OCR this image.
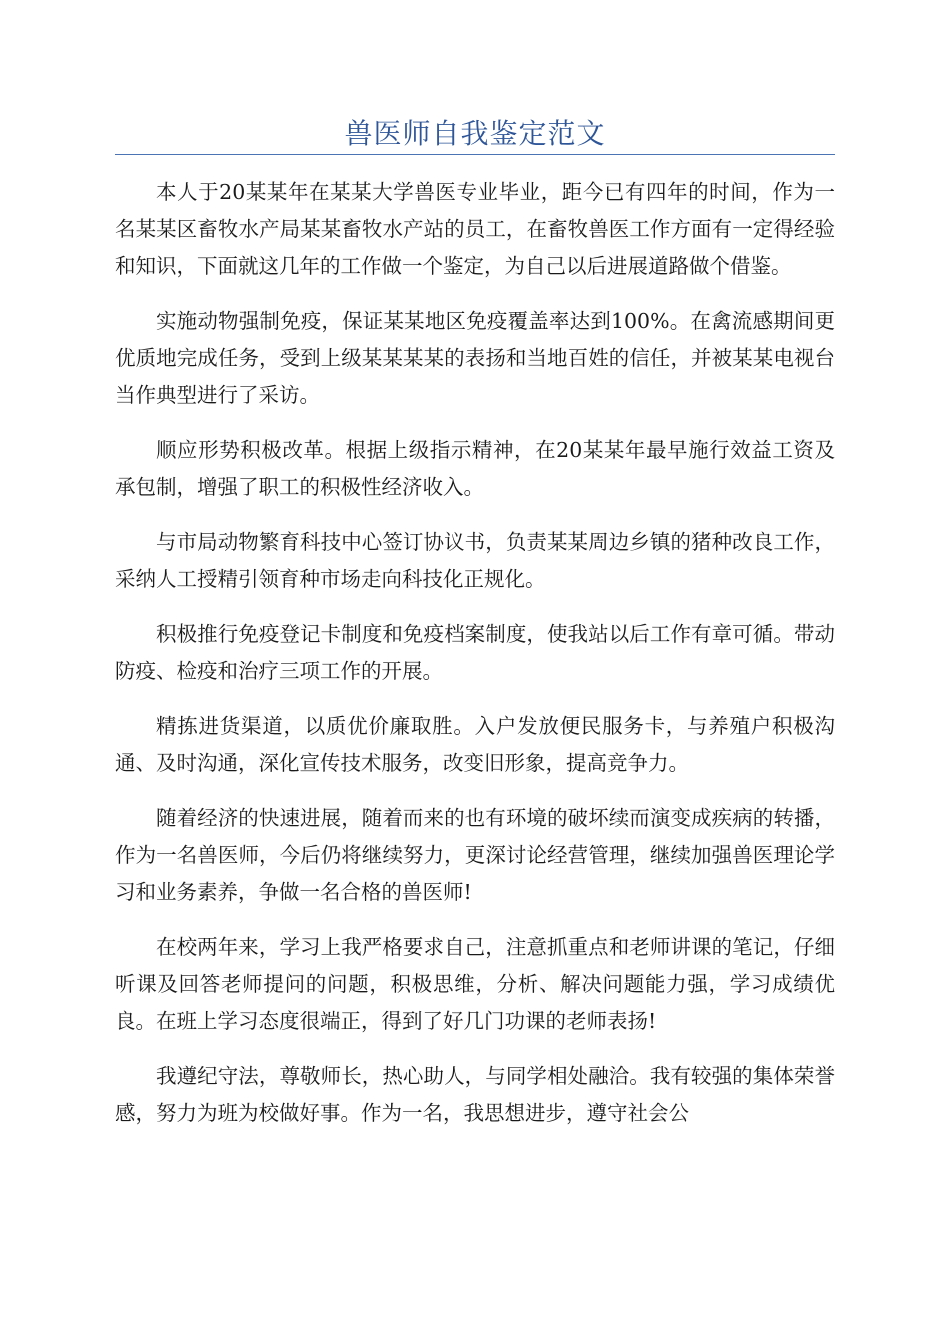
兽医师自我鉴定范文

本人于20某某年在某某大学兽医专业毕业，距今已有四年的时间，作为一名某某区畜牧水产局某某畜牧水产站的员工，在畜牧兽医工作方面有一定得经验和知识，下面就这几年的工作做一个鉴定，为自己以后进展道路做个借鉴。

实施动物强制免疫，保证某某地区免疫覆盖率达到100%。在禽流感期间更优质地完成任务，受到上级某某某某的表扬和当地百姓的信任，并被某某电视台当作典型进行了采访。

顺应形势积极改革。根据上级指示精神，在20某某年最早施行效益工资及承包制，增强了职工的积极性经济收入。

与市局动物繁育科技中心签订协议书，负责某某周边乡镇的猪种改良工作，采纳人工授精引领育种市场走向科技化正规化。

积极推行免疫登记卡制度和免疫档案制度，使我站以后工作有章可循。带动防疫、检疫和治疗三项工作的开展。

精拣进货渠道，以质优价廉取胜。入户发放便民服务卡，与养殖户积极沟通、及时沟通，深化宣传技术服务，改变旧形象，提高竞争力。

随着经济的快速进展，随着而来的也有环境的破坏续而演变成疾病的转播，作为一名兽医师，今后仍将继续努力，更深讨论经营管理，继续加强兽医理论学习和业务素养，争做一名合格的兽医师!

在校两年来，学习上我严格要求自己，注意抓重点和老师讲课的笔记，仔细听课及回答老师提问的问题，积极思维，分析、解决问题能力强，学习成绩优良。在班上学习态度很端正，得到了好几门功课的老师表扬!

我遵纪守法，尊敬师长，热心助人，与同学相处融洽。我有较强的集体荣誉感，努力为班为校做好事。作为一名，我思想进步，遵守社会公
